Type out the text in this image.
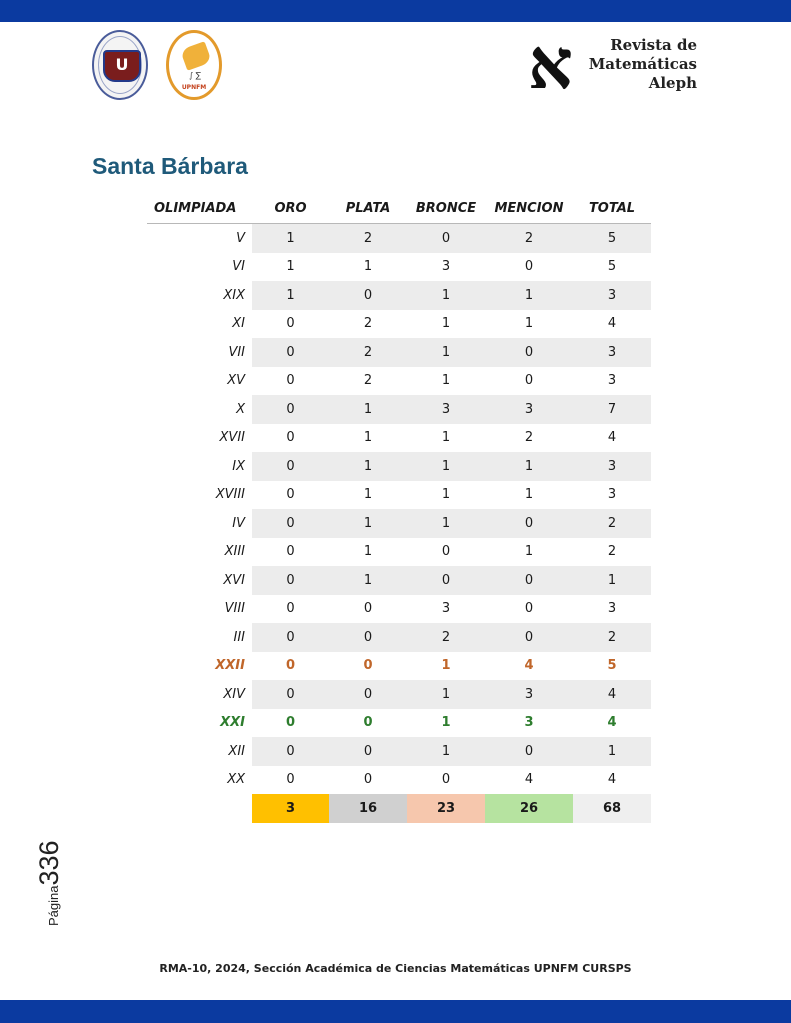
U
∫ ∑
UPNFM	א	Revista de
Matemáticas
Aleph
Santa Bárbara
OLIMPIADA	ORO	PLATA	BRONCE	MENCION	TOTAL
V	1	2	0	2	5
VI	1	1	3	0	5
XIX	1	0	1	1	3
XI	0	2	1	1	4
VII	0	2	1	0	3
XV	0	2	1	0	3
X	0	1	3	3	7
XVII	0	1	1	2	4
IX	0	1	1	1	3
XVIII	0	1	1	1	3
IV	0	1	1	0	2
XIII	0	1	0	1	2
XVI	0	1	0	0	1
VIII	0	0	3	0	3
III	0	0	2	0	2
XXII	0	0	1	4	5
XIV	0	0	1	3	4
XXI	0	0	1	3	4
XII	0	0	1	0	1
XX	0	0	0	4	4
	3	16	23	26	68
Página336
RMA-10, 2024, Sección Académica de Ciencias Matemáticas UPNFM CURSPS
